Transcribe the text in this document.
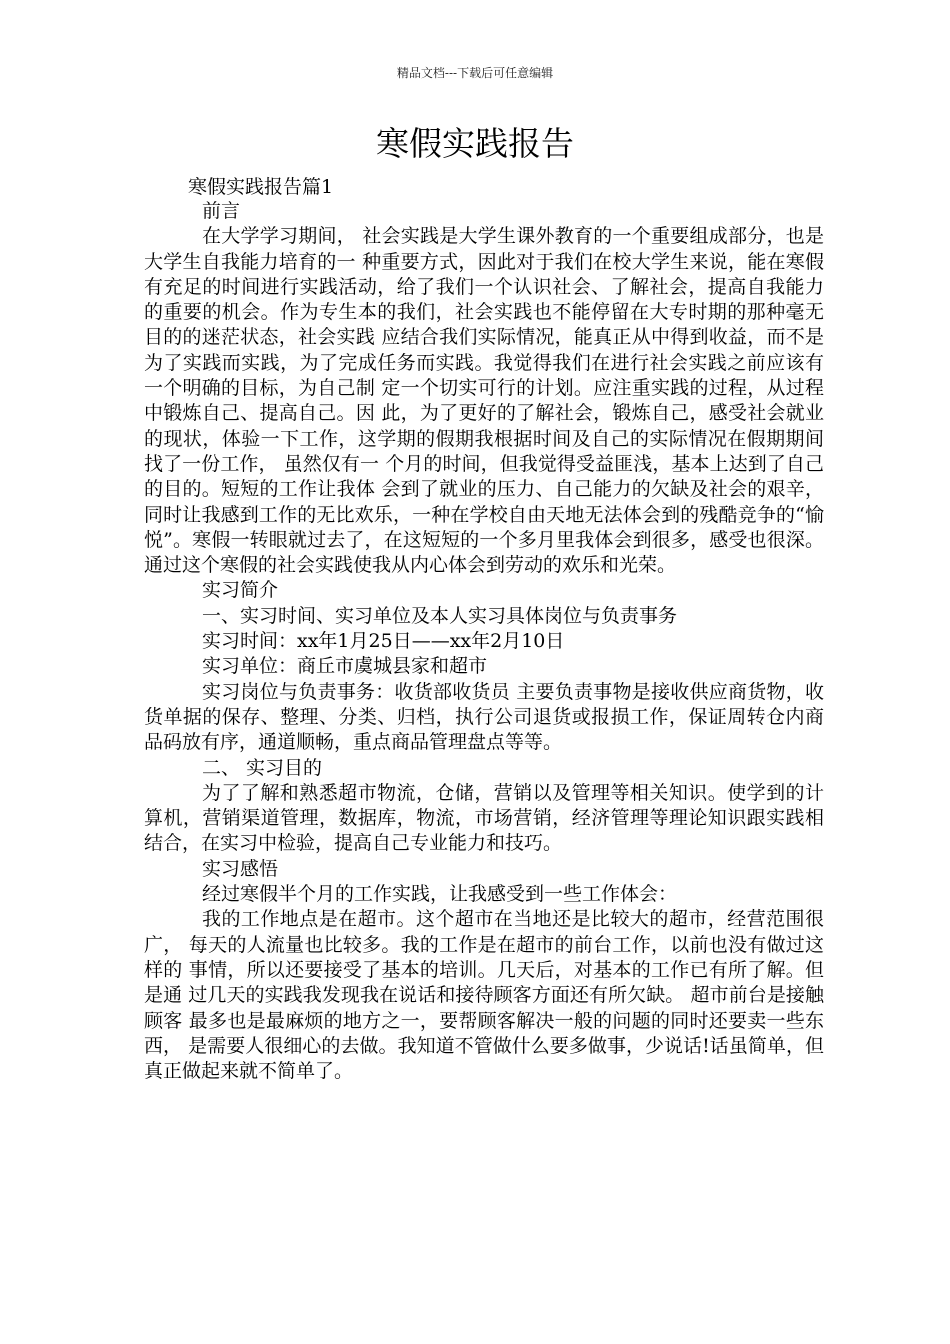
精品文档---下载后可任意编辑
寒假实践报告
寒假实践报告篇1

前言

在大学学习期间， 社会实践是大学生课外教育的一个重要组成部分，也是大学生自我能力培育的一 种重要方式，因此对于我们在校大学生来说，能在寒假有充足的时间进行实践活动，给了我们一个认识社会、了解社会，提高自我能力的重要的机会。作为专生本的我们，社会实践也不能停留在大专时期的那种毫无目的的迷茫状态，社会实践 应结合我们实际情况，能真正从中得到收益，而不是为了实践而实践，为了完成任务而实践。我觉得我们在进行社会实践之前应该有一个明确的目标，为自己制 定一个切实可行的计划。应注重实践的过程，从过程中锻炼自己、提高自己。因 此，为了更好的了解社会，锻炼自己，感受社会就业的现状，体验一下工作，这学期的假期我根据时间及自己的实际情况在假期期间找了一份工作， 虽然仅有一 个月的时间，但我觉得受益匪浅，基本上达到了自己的目的。短短的工作让我体 会到了就业的压力、自己能力的欠缺及社会的艰辛，同时让我感到工作的无比欢乐，一种在学校自由天地无法体会到的残酷竞争的“愉悦”。寒假一转眼就过去了，在这短短的一个多月里我体会到很多，感受也很深。通过这个寒假的社会实践使我从内心体会到劳动的欢乐和光荣。

实习简介

一、实习时间、实习单位及本人实习具体岗位与负责事务

实习时间：xx年1月25日——xx年2月10日

实习单位：商丘市虞城县家和超市

实习岗位与负责事务：收货部收货员 主要负责事物是接收供应商货物，收货单据的保存、整理、分类、归档，执行公司退货或报损工作，保证周转仓内商品码放有序，通道顺畅，重点商品管理盘点等等。

二、 实习目的

为了了解和熟悉超市物流，仓储，营销以及管理等相关知识。使学到的计算机，营销渠道管理，数据库，物流，市场营销，经济管理等理论知识跟实践相结合，在实习中检验，提高自己专业能力和技巧。

实习感悟

经过寒假半个月的工作实践，让我感受到一些工作体会：

我的工作地点是在超市。这个超市在当地还是比较大的超市，经营范围很广， 每天的人流量也比较多。我的工作是在超市的前台工作，以前也没有做过这样的 事情，所以还要接受了基本的培训。几天后，对基本的工作已有所了解。但是通 过几天的实践我发现我在说话和接待顾客方面还有所欠缺。 超市前台是接触顾客 最多也是最麻烦的地方之一，要帮顾客解决一般的问题的同时还要卖一些东西， 是需要人很细心的去做。我知道不管做什么要多做事，少说话!话虽简单，但真正做起来就不简单了。
